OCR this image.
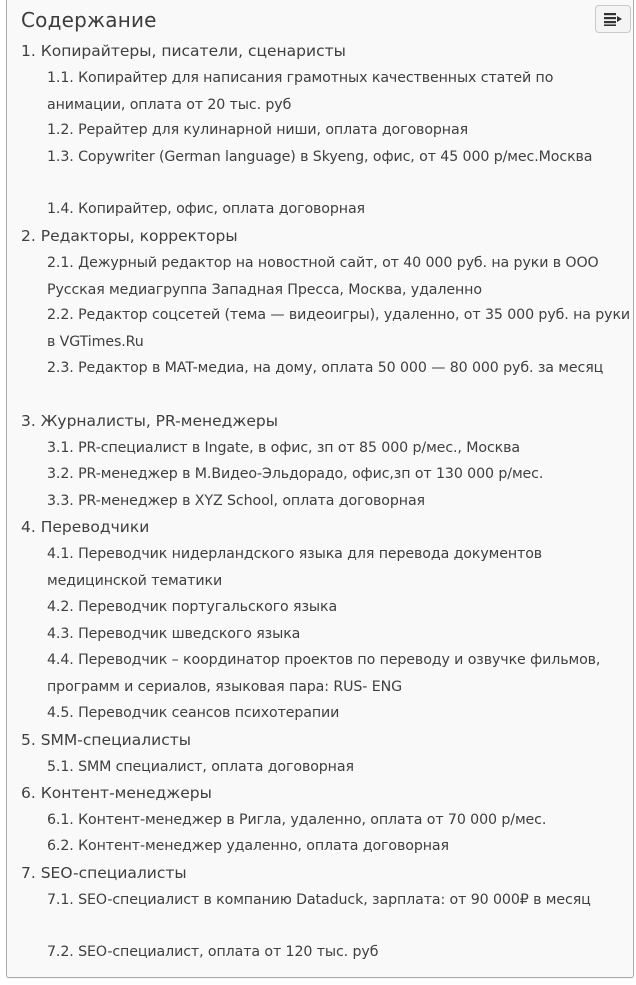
Содержание
1. Копирайтеры, писатели, сценаристы
1.1. Копирайтер для написания грамотных качественных статей по анимации, оплата от 20 тыс. руб
1.2. Рерайтер для кулинарной ниши, оплата договорная
1.3. Copywriter (German language) в Skyeng, офис, от 45 000 р/мес.Москва
1.4. Копирайтер, офис, оплата договорная
2. Редакторы, корректоры
2.1. Дежурный редактор на новостной сайт, от 40 000 руб. на руки в ООО Русская медиагруппа Западная Пресса, Москва, удаленно
2.2. Редактор соцсетей (тема — видеоигры), удаленно, от 35 000 руб. на руки в VGTimes.Ru
2.3. Редактор в MAT-медиа, на дому, оплата 50 000 — 80 000 руб. за месяц
3. Журналисты, PR-менеджеры
3.1. PR-специалист в Ingate, в офис, зп от 85 000 р/мес., Москва
3.2. PR-менеджер в М.Видео-Эльдорадо, офис,зп от 130 000 р/мес.
3.3. PR-менеджер в XYZ School, оплата договорная
4. Переводчики
4.1. Переводчик нидерландского языка для перевода документов медицинской тематики
4.2. Переводчик португальского языка
4.3. Переводчик шведского языка
4.4. Переводчик – координатор проектов по переводу и озвучке фильмов, программ и сериалов, языковая пара: RUS- ENG
4.5. Переводчик сеансов психотерапии
5. SMM-специалисты
5.1. SMM специалист, оплата договорная
6. Контент-менеджеры
6.1. Контент-менеджер в Ригла, удаленно, оплата от 70 000 р/мес.
6.2. Контент-менеджер удаленно, оплата договорная
7. SEO-специалисты
7.1. SEO-специалист в компанию Dataduck, зарплата: от 90 000₽ в месяц
7.2. SEO-специалист, оплата от 120 тыс. руб
